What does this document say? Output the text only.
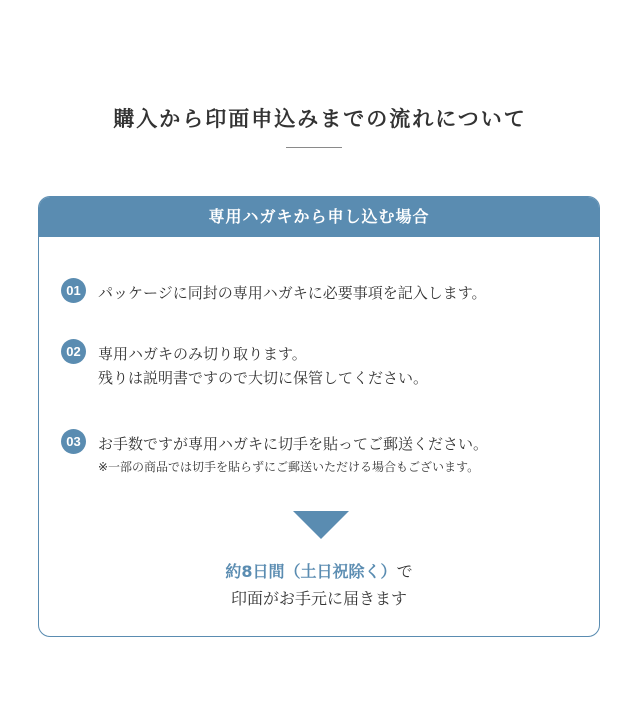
購入から印面申込みまでの流れについて
専用ハガキから申し込む場合
01	パッケージに同封の専用ハガキに必要事項を記入します。
02	専用ハガキのみ切り取ります。
残りは説明書ですので大切に保管してください。
03	お手数ですが専用ハガキに切手を貼ってご郵送ください。
※一部の商品では切手を貼らずにご郵送いただける場合もございます。
約8日間（土日祝除く）で
印面がお手元に届きます
